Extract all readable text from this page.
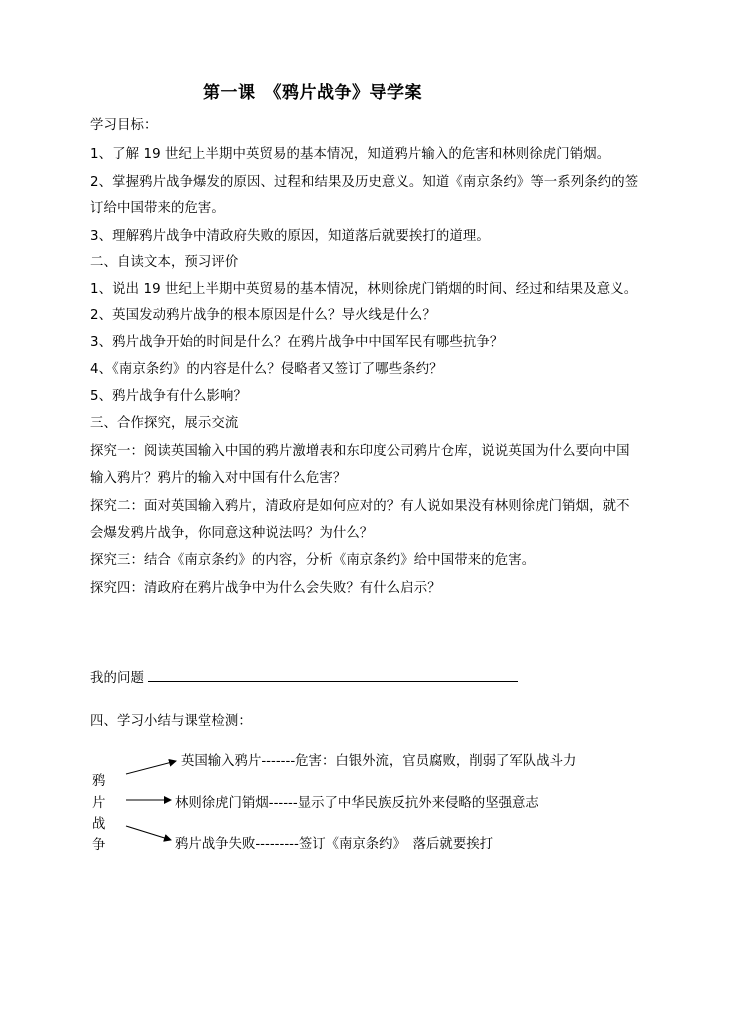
第一课　《鸦片战争》导学案
学习目标：
1、了解 19 世纪上半期中英贸易的基本情况，知道鸦片输入的危害和林则徐虎门销烟。
2、掌握鸦片战争爆发的原因、过程和结果及历史意义。知道《南京条约》等一系列条约的签
订给中国带来的危害。
3、理解鸦片战争中清政府失败的原因，知道落后就要挨打的道理。
二、自读文本，预习评价
1、说出 19 世纪上半期中英贸易的基本情况，林则徐虎门销烟的时间、经过和结果及意义。
2、英国发动鸦片战争的根本原因是什么？导火线是什么？
3、鸦片战争开始的时间是什么？在鸦片战争中中国军民有哪些抗争？
4、《南京条约》的内容是什么？侵略者又签订了哪些条约？
5、鸦片战争有什么影响？
三、合作探究，展示交流
探究一：阅读英国输入中国的鸦片激增表和东印度公司鸦片仓库，说说英国为什么要向中国
输入鸦片？鸦片的输入对中国有什么危害？
探究二：面对英国输入鸦片，清政府是如何应对的？有人说如果没有林则徐虎门销烟，就不
会爆发鸦片战争，你同意这种说法吗？为什么？
探究三：结合《南京条约》的内容，分析《南京条约》给中国带来的危害。
探究四：清政府在鸦片战争中为什么会失败？有什么启示？
我的问题
四、学习小结与课堂检测：
鸦
片
战
争
英国输入鸦片-------危害：白银外流，官员腐败，削弱了军队战斗力
林则徐虎门销烟------显示了中华民族反抗外来侵略的坚强意志
鸦片战争失败---------签订《南京条约》　落后就要挨打
